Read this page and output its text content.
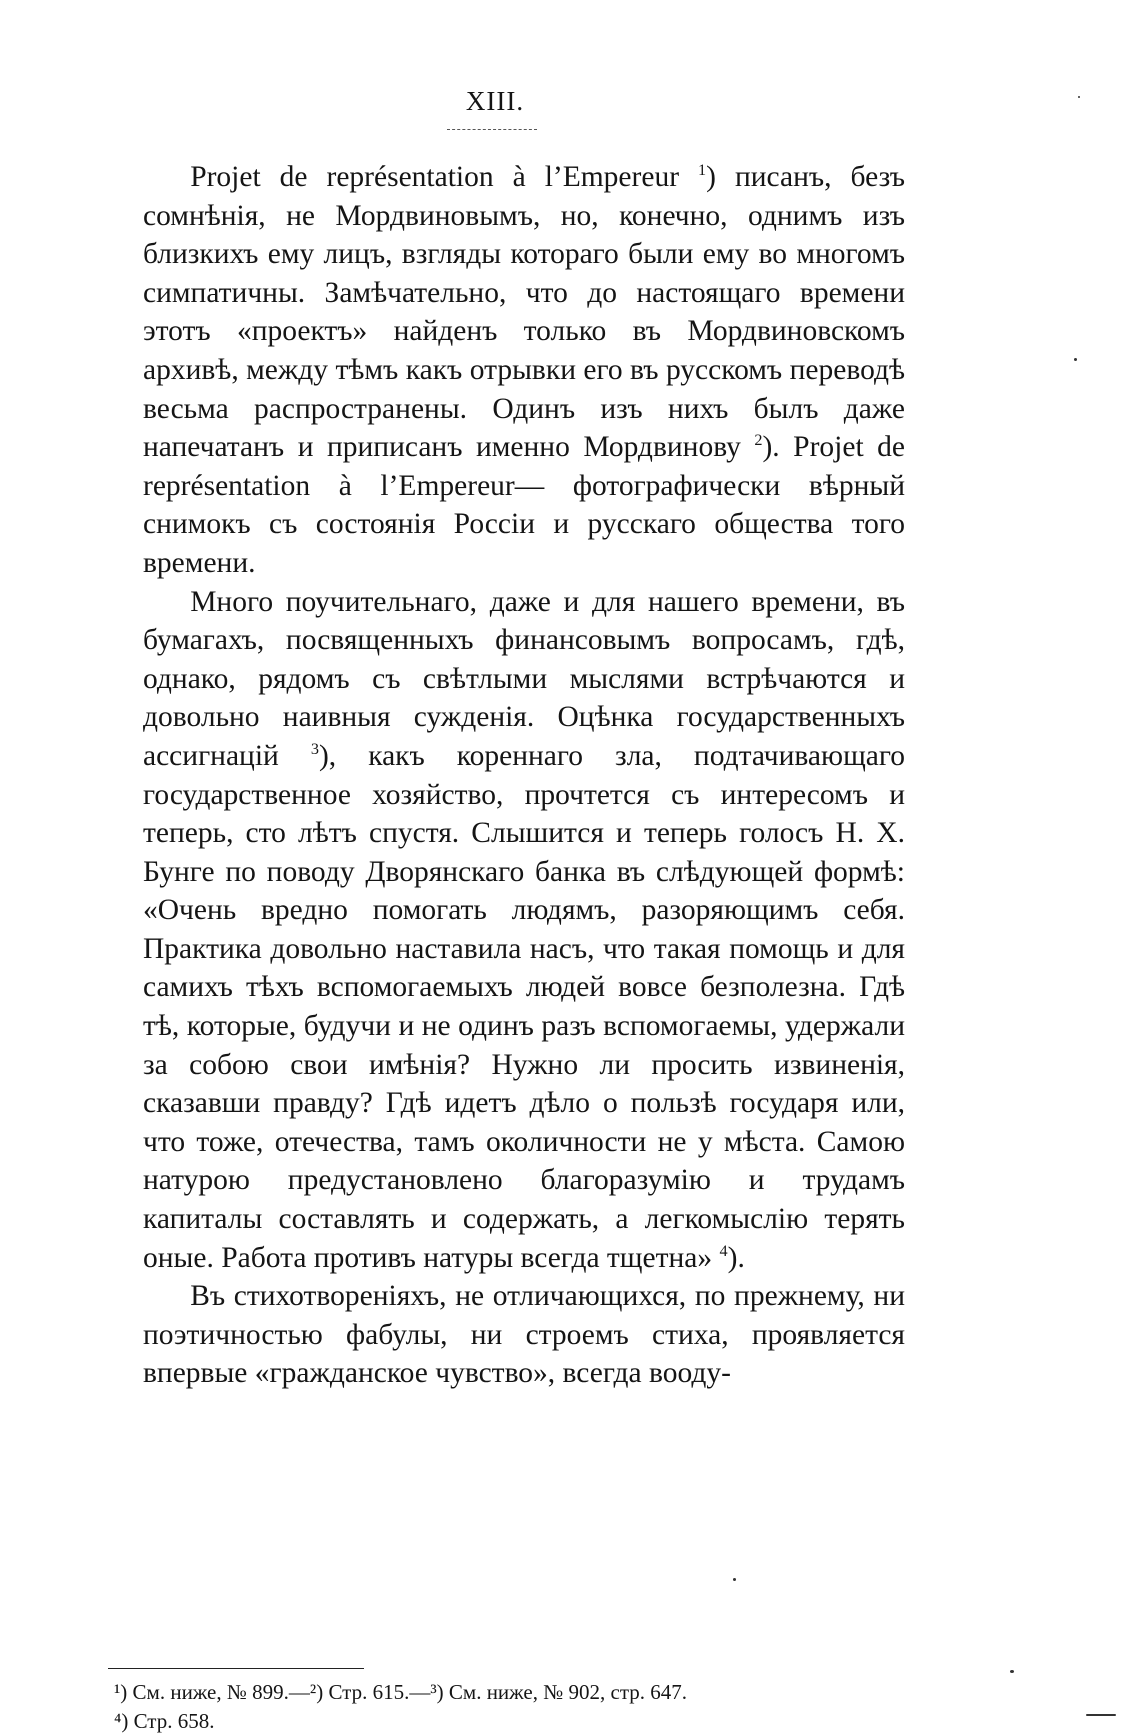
XIII.

Projet de représentation à l’Empereur $^1$) писанъ, безъ сомнѣнія, не Мордвиновымъ, но, конечно, однимъ изъ близкихъ ему лицъ, взгляды котораго были ему во многомъ симпатичны. Замѣчательно, что до настоящаго времени этотъ «проектъ» найденъ только въ Мордвиновскомъ архивѣ, между тѣмъ какъ отрывки его въ русскомъ переводѣ весьма распространены. Одинъ изъ нихъ былъ даже напечатанъ и приписанъ именно Мордвинову $^2$). Projet de représentation à l’Empereur— фотографически вѣрный снимокъ съ состоянія Россіи и русскаго общества того времени.

Много поучительнаго, даже и для нашего времени, въ бумагахъ, посвященныхъ финансовымъ вопросамъ, гдѣ, однако, рядомъ съ свѣтлыми мыслями встрѣчаются и довольно наивныя сужденія. Оцѣнка государственныхъ ассигнацій $^3$), какъ кореннаго зла, подтачивающаго государственное хозяйство, прочтется съ интересомъ и теперь, сто лѣтъ спустя. Слышится и теперь голосъ Н. Х. Бунге по поводу Дворянскаго банка въ слѣдующей формѣ: «Очень вредно помогать людямъ, разоряющимъ себя. Практика довольно наставила насъ, что такая помощь и для самихъ тѣхъ вспомогаемыхъ людей вовсе безполезна. Гдѣ тѣ, которые, будучи и не одинъ разъ вспомогаемы, удержали за собою свои имѣнія? Нужно ли просить извиненія, сказавши правду? Гдѣ идетъ дѣло о пользѣ государя или, что тоже, отечества, тамъ околичности не у мѣста. Самою натурою предустановлено благоразумію и трудамъ капиталы составлять и содержать, а легкомыслію терять оные. Работа противъ натуры всегда тщетна» $^4$).

Въ стихотвореніяхъ, не отличающихся, по прежнему, ни поэтичностью фабулы, ни строемъ стиха, проявляется впервые «гражданское чувство», всегда воодy-

¹) См. ниже, № 899.—²) Стр. 615.—³) См. ниже, № 902, стр. 647.

⁴) Стр. 658.
